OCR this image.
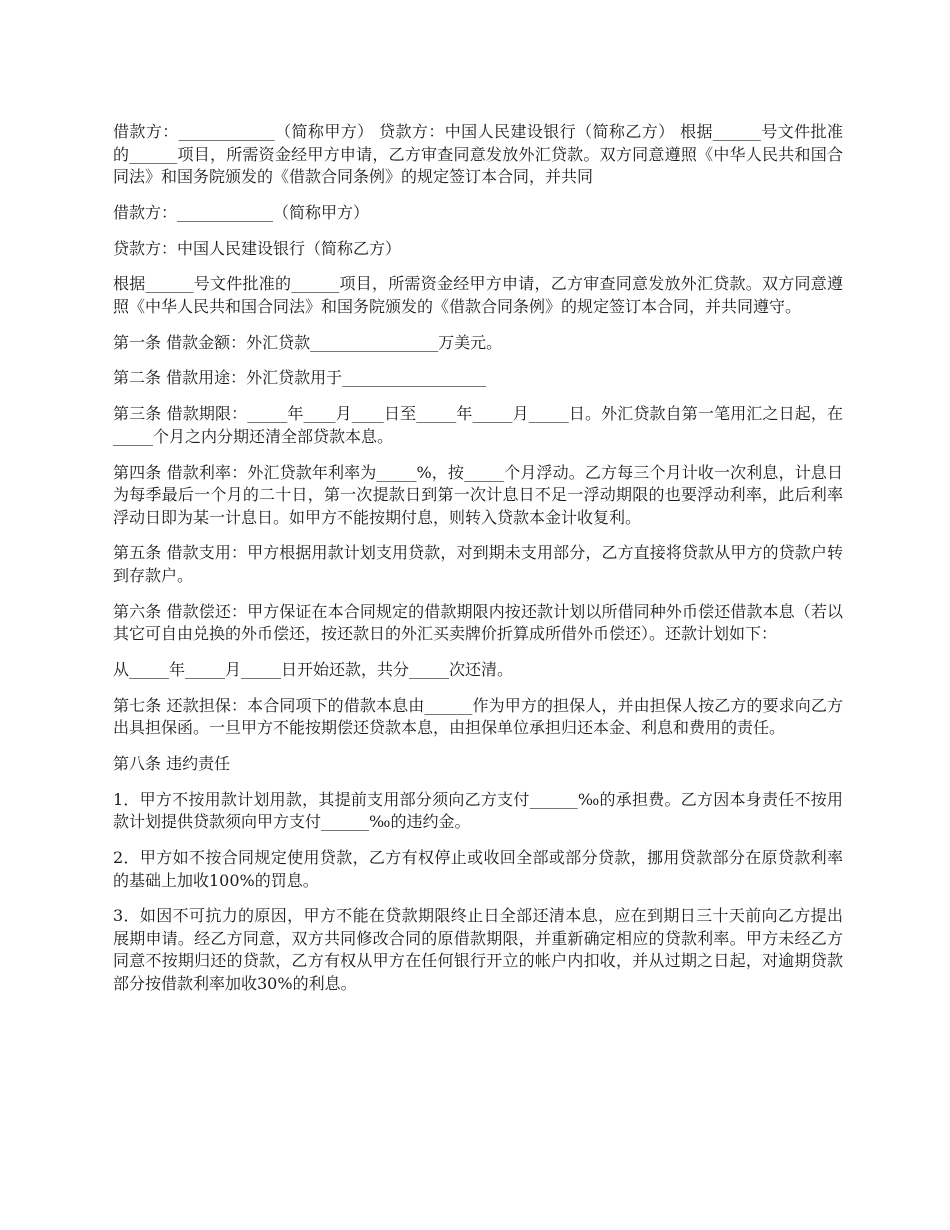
借款方：____________（简称甲方） 贷款方：中国人民建设银行（简称乙方） 根据______号文件批准的______项目，所需资金经甲方申请，乙方审查同意发放外汇贷款。双方同意遵照《中华人民共和国合同法》和国务院颁发的《借款合同条例》的规定签订本合同，并共同

借款方：____________（简称甲方）

贷款方：中国人民建设银行（简称乙方）

根据______号文件批准的______项目，所需资金经甲方申请，乙方审查同意发放外汇贷款。双方同意遵照《中华人民共和国合同法》和国务院颁发的《借款合同条例》的规定签订本合同，并共同遵守。

第一条 借款金额：外汇贷款________________万美元。

第二条 借款用途：外汇贷款用于__________________

第三条 借款期限：_____年____月____日至_____年_____月_____日。外汇贷款自第一笔用汇之日起，在_____个月之内分期还清全部贷款本息。

第四条 借款利率：外汇贷款年利率为_____%，按_____个月浮动。乙方每三个月计收一次利息，计息日为每季最后一个月的二十日，第一次提款日到第一次计息日不足一浮动期限的也要浮动利率，此后利率浮动日即为某一计息日。如甲方不能按期付息，则转入贷款本金计收复利。

第五条 借款支用：甲方根据用款计划支用贷款，对到期未支用部分，乙方直接将贷款从甲方的贷款户转到存款户。

第六条 借款偿还：甲方保证在本合同规定的借款期限内按还款计划以所借同种外币偿还借款本息（若以其它可自由兑换的外币偿还，按还款日的外汇买卖牌价折算成所借外币偿还）。还款计划如下：

从_____年_____月_____日开始还款，共分_____次还清。

第七条 还款担保：本合同项下的借款本息由______作为甲方的担保人，并由担保人按乙方的要求向乙方出具担保函。一旦甲方不能按期偿还贷款本息，由担保单位承担归还本金、利息和费用的责任。

第八条 违约责任

1．甲方不按用款计划用款，其提前支用部分须向乙方支付______‰的承担费。乙方因本身责任不按用款计划提供贷款须向甲方支付______‰的违约金。

2．甲方如不按合同规定使用贷款，乙方有权停止或收回全部或部分贷款，挪用贷款部分在原贷款利率的基础上加收100%的罚息。

3．如因不可抗力的原因，甲方不能在贷款期限终止日全部还清本息，应在到期日三十天前向乙方提出展期申请。经乙方同意，双方共同修改合同的原借款期限，并重新确定相应的贷款利率。甲方未经乙方同意不按期归还的贷款，乙方有权从甲方在任何银行开立的帐户内扣收，并从过期之日起，对逾期贷款部分按借款利率加收30%的利息。
